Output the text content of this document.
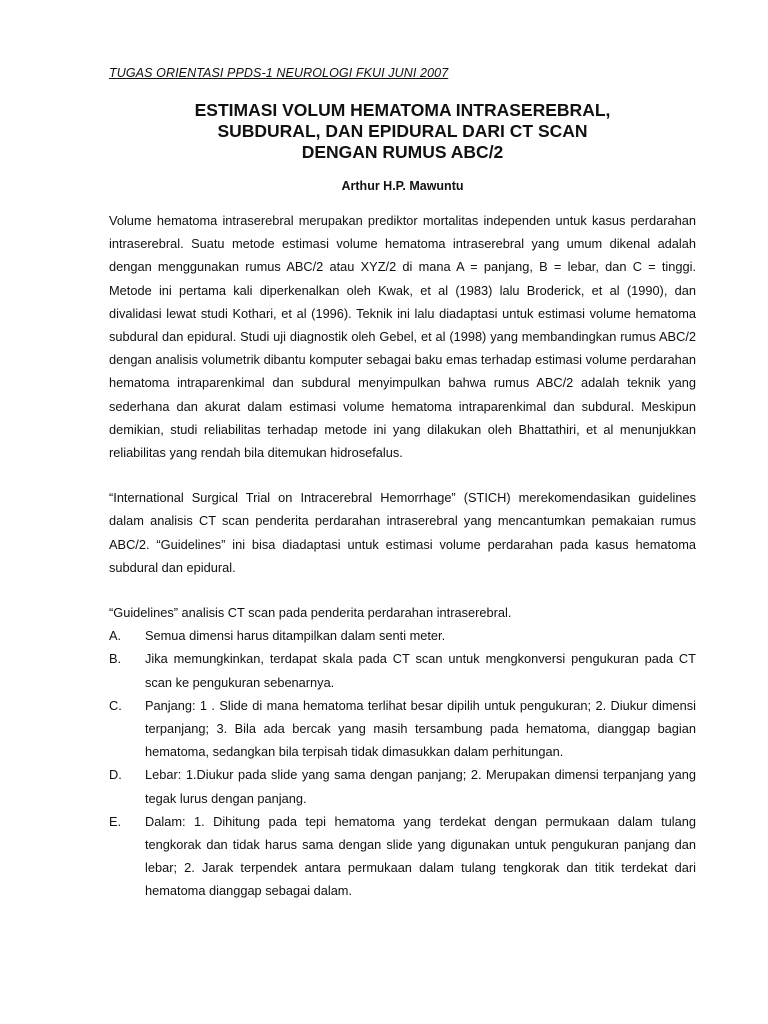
TUGAS ORIENTASI PPDS-1 NEUROLOGI FKUI JUNI 2007
ESTIMASI VOLUM HEMATOMA INTRASEREBRAL,
SUBDURAL, DAN EPIDURAL DARI CT SCAN
DENGAN RUMUS ABC/2
Arthur H.P. Mawuntu

Volume hematoma intraserebral merupakan prediktor mortalitas independen untuk kasus perdarahan intraserebral. Suatu metode estimasi volume hematoma intraserebral yang umum dikenal adalah dengan menggunakan rumus ABC/2 atau XYZ/2 di mana A = panjang, B = lebar, dan C = tinggi. Metode ini pertama kali diperkenalkan oleh Kwak, et al (1983) lalu Broderick, et al (1990), dan divalidasi lewat studi Kothari, et al (1996). Teknik ini lalu diadaptasi untuk estimasi volume hematoma subdural dan epidural. Studi uji diagnostik oleh Gebel, et al (1998) yang membandingkan rumus ABC/2 dengan analisis volumetrik dibantu komputer sebagai baku emas terhadap estimasi volume perdarahan hematoma intraparenkimal dan subdural menyimpulkan bahwa rumus ABC/2 adalah teknik yang sederhana dan akurat dalam estimasi volume hematoma intraparenkimal dan subdural. Meskipun demikian, studi reliabilitas terhadap metode ini yang dilakukan oleh Bhattathiri, et al menunjukkan reliabilitas yang rendah bila ditemukan hidrosefalus.

“International Surgical Trial on Intracerebral Hemorrhage” (STICH) merekomendasikan guidelines dalam analisis CT scan penderita perdarahan intraserebral yang mencantumkan pemakaian rumus ABC/2. “Guidelines” ini bisa diadaptasi untuk estimasi volume perdarahan pada kasus hematoma subdural dan epidural.

“Guidelines” analisis CT scan pada penderita perdarahan intraserebral.

A.	Semua dimensi harus ditampilkan dalam senti meter.
B.	Jika memungkinkan, terdapat skala pada CT scan untuk mengkonversi pengukuran pada CT scan ke pengukuran sebenarnya.
C.	Panjang: 1 . Slide di mana hematoma terlihat besar dipilih untuk pengukuran; 2. Diukur dimensi terpanjang; 3. Bila ada bercak yang masih tersambung pada hematoma, dianggap bagian hematoma, sedangkan bila terpisah tidak dimasukkan dalam perhitungan.
D.	Lebar: 1.Diukur pada slide yang sama dengan panjang; 2. Merupakan dimensi terpanjang yang tegak lurus dengan panjang.
E.	Dalam: 1. Dihitung pada tepi hematoma yang terdekat dengan permukaan dalam tulang tengkorak dan tidak harus sama dengan slide yang digunakan untuk pengukuran panjang dan lebar; 2. Jarak terpendek antara permukaan dalam tulang tengkorak dan titik terdekat dari hematoma dianggap sebagai dalam.
